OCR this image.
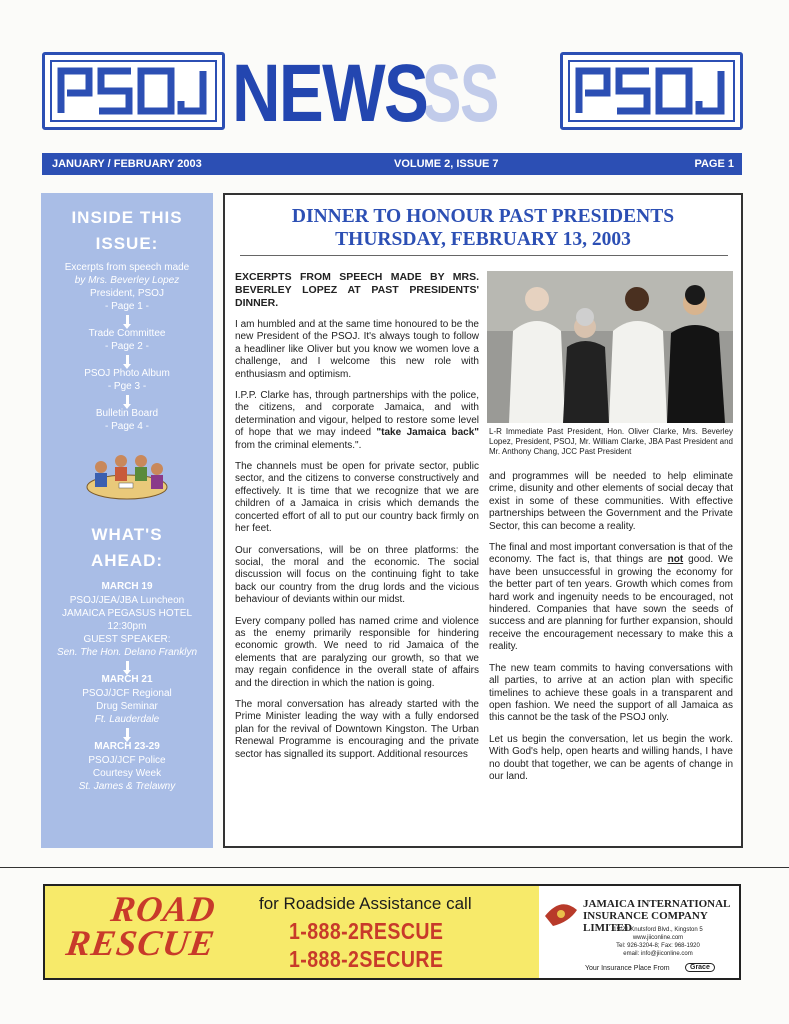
SS
NEWS
JANUARY / FEBRUARY 2003	VOLUME 2, ISSUE 7	PAGE 1
INSIDE THIS
ISSUE:
Excerpts from speech made
by Mrs. Beverley Lopez
President, PSOJ
- Page 1 -
Trade Committee
- Page 2 -
PSOJ Photo Album
- Pge 3 -
Bulletin Board
- Page 4 -
WHAT'S
AHEAD:
MARCH 19
PSOJ/JEA/JBA Luncheon
JAMAICA PEGASUS HOTEL
12:30pm
GUEST SPEAKER:
Sen. The Hon. Delano Franklyn
MARCH 21
PSOJ/JCF Regional
Drug Seminar
Ft. Lauderdale
MARCH 23-29
PSOJ/JCF Police
Courtesy Week
St. James & Trelawny
DINNER TO HONOUR PAST PRESIDENTS
THURSDAY, FEBRUARY 13, 2003

EXCERPTS FROM SPEECH MADE BY MRS. BEVERLEY LOPEZ AT PAST PRESIDENTS' DINNER.

I am humbled and at the same time honoured to be the new President of the PSOJ. It's always tough to follow a headliner like Oliver but you know we women love a challenge, and I welcome this new role with enthusiasm and optimism.

I.P.P. Clarke has, through partnerships with the police, the citizens, and corporate Jamaica, and with determination and vigour, helped to restore some level of hope that we may indeed "take Jamaica back" from the criminal elements.".

The channels must be open for private sector, public sector, and the citizens to converse constructively and effectively. It is time that we recognize that we are children of a Jamaica in crisis which demands the concerted effort of all to put our country back firmly on her feet.

Our conversations, will be on three platforms: the social, the moral and the economic. The social discussion will focus on the continuing fight to take back our country from the drug lords and the vicious behaviour of deviants within our midst.

Every company polled has named crime and violence as the enemy primarily responsible for hindering economic growth. We need to rid Jamaica of the elements that are paralyzing our growth, so that we may regain confidence in the overall state of affairs and the direction in which the nation is going.

The moral conversation has already started with the Prime Minister leading the way with a fully endorsed plan for the revival of Downtown Kingston. The Urban Renewal Programme is encouraging and the private sector has signalled its support. Additional resources

L-R Immediate Past President, Hon. Oliver Clarke, Mrs. Beverley Lopez, President, PSOJ, Mr. William Clarke, JBA Past President and Mr. Anthony Chang, JCC Past President

and programmes will be needed to help eliminate crime, disunity and other elements of social decay that exist in some of these communities. With effective partnerships between the Government and the Private Sector, this can become a reality.

The final and most important conversation is that of the economy. The fact is, that things are not good. We have been unsuccessful in growing the economy for the better part of ten years. Growth which comes from hard work and ingenuity needs to be encouraged, not hindered. Companies that have sown the seeds of success and are planning for further expansion, should receive the encouragement necessary to make this a reality.

The new team commits to having conversations with all parties, to arrive at an action plan with specific timelines to achieve these goals in a transparent and open fashion. We need the support of all Jamaica as this cannot be the task of the PSOJ only.

Let us begin the conversation, let us begin the work. With God's help, open hearts and willing hands, I have no doubt that together, we can be agents of change in our land.

ROAD
RESCUE
for Roadside Assistance call
1-888-2RESCUE
1-888-2SECURE
JAMAICA INTERNATIONAL
INSURANCE COMPANY LIMITED
19-21 Knutsford Blvd., Kingston 5
www.jiiconline.com
Tel: 926-3204-8; Fax: 968-1920
email: info@jiiconline.com
Your Insurance Place From	Grace
